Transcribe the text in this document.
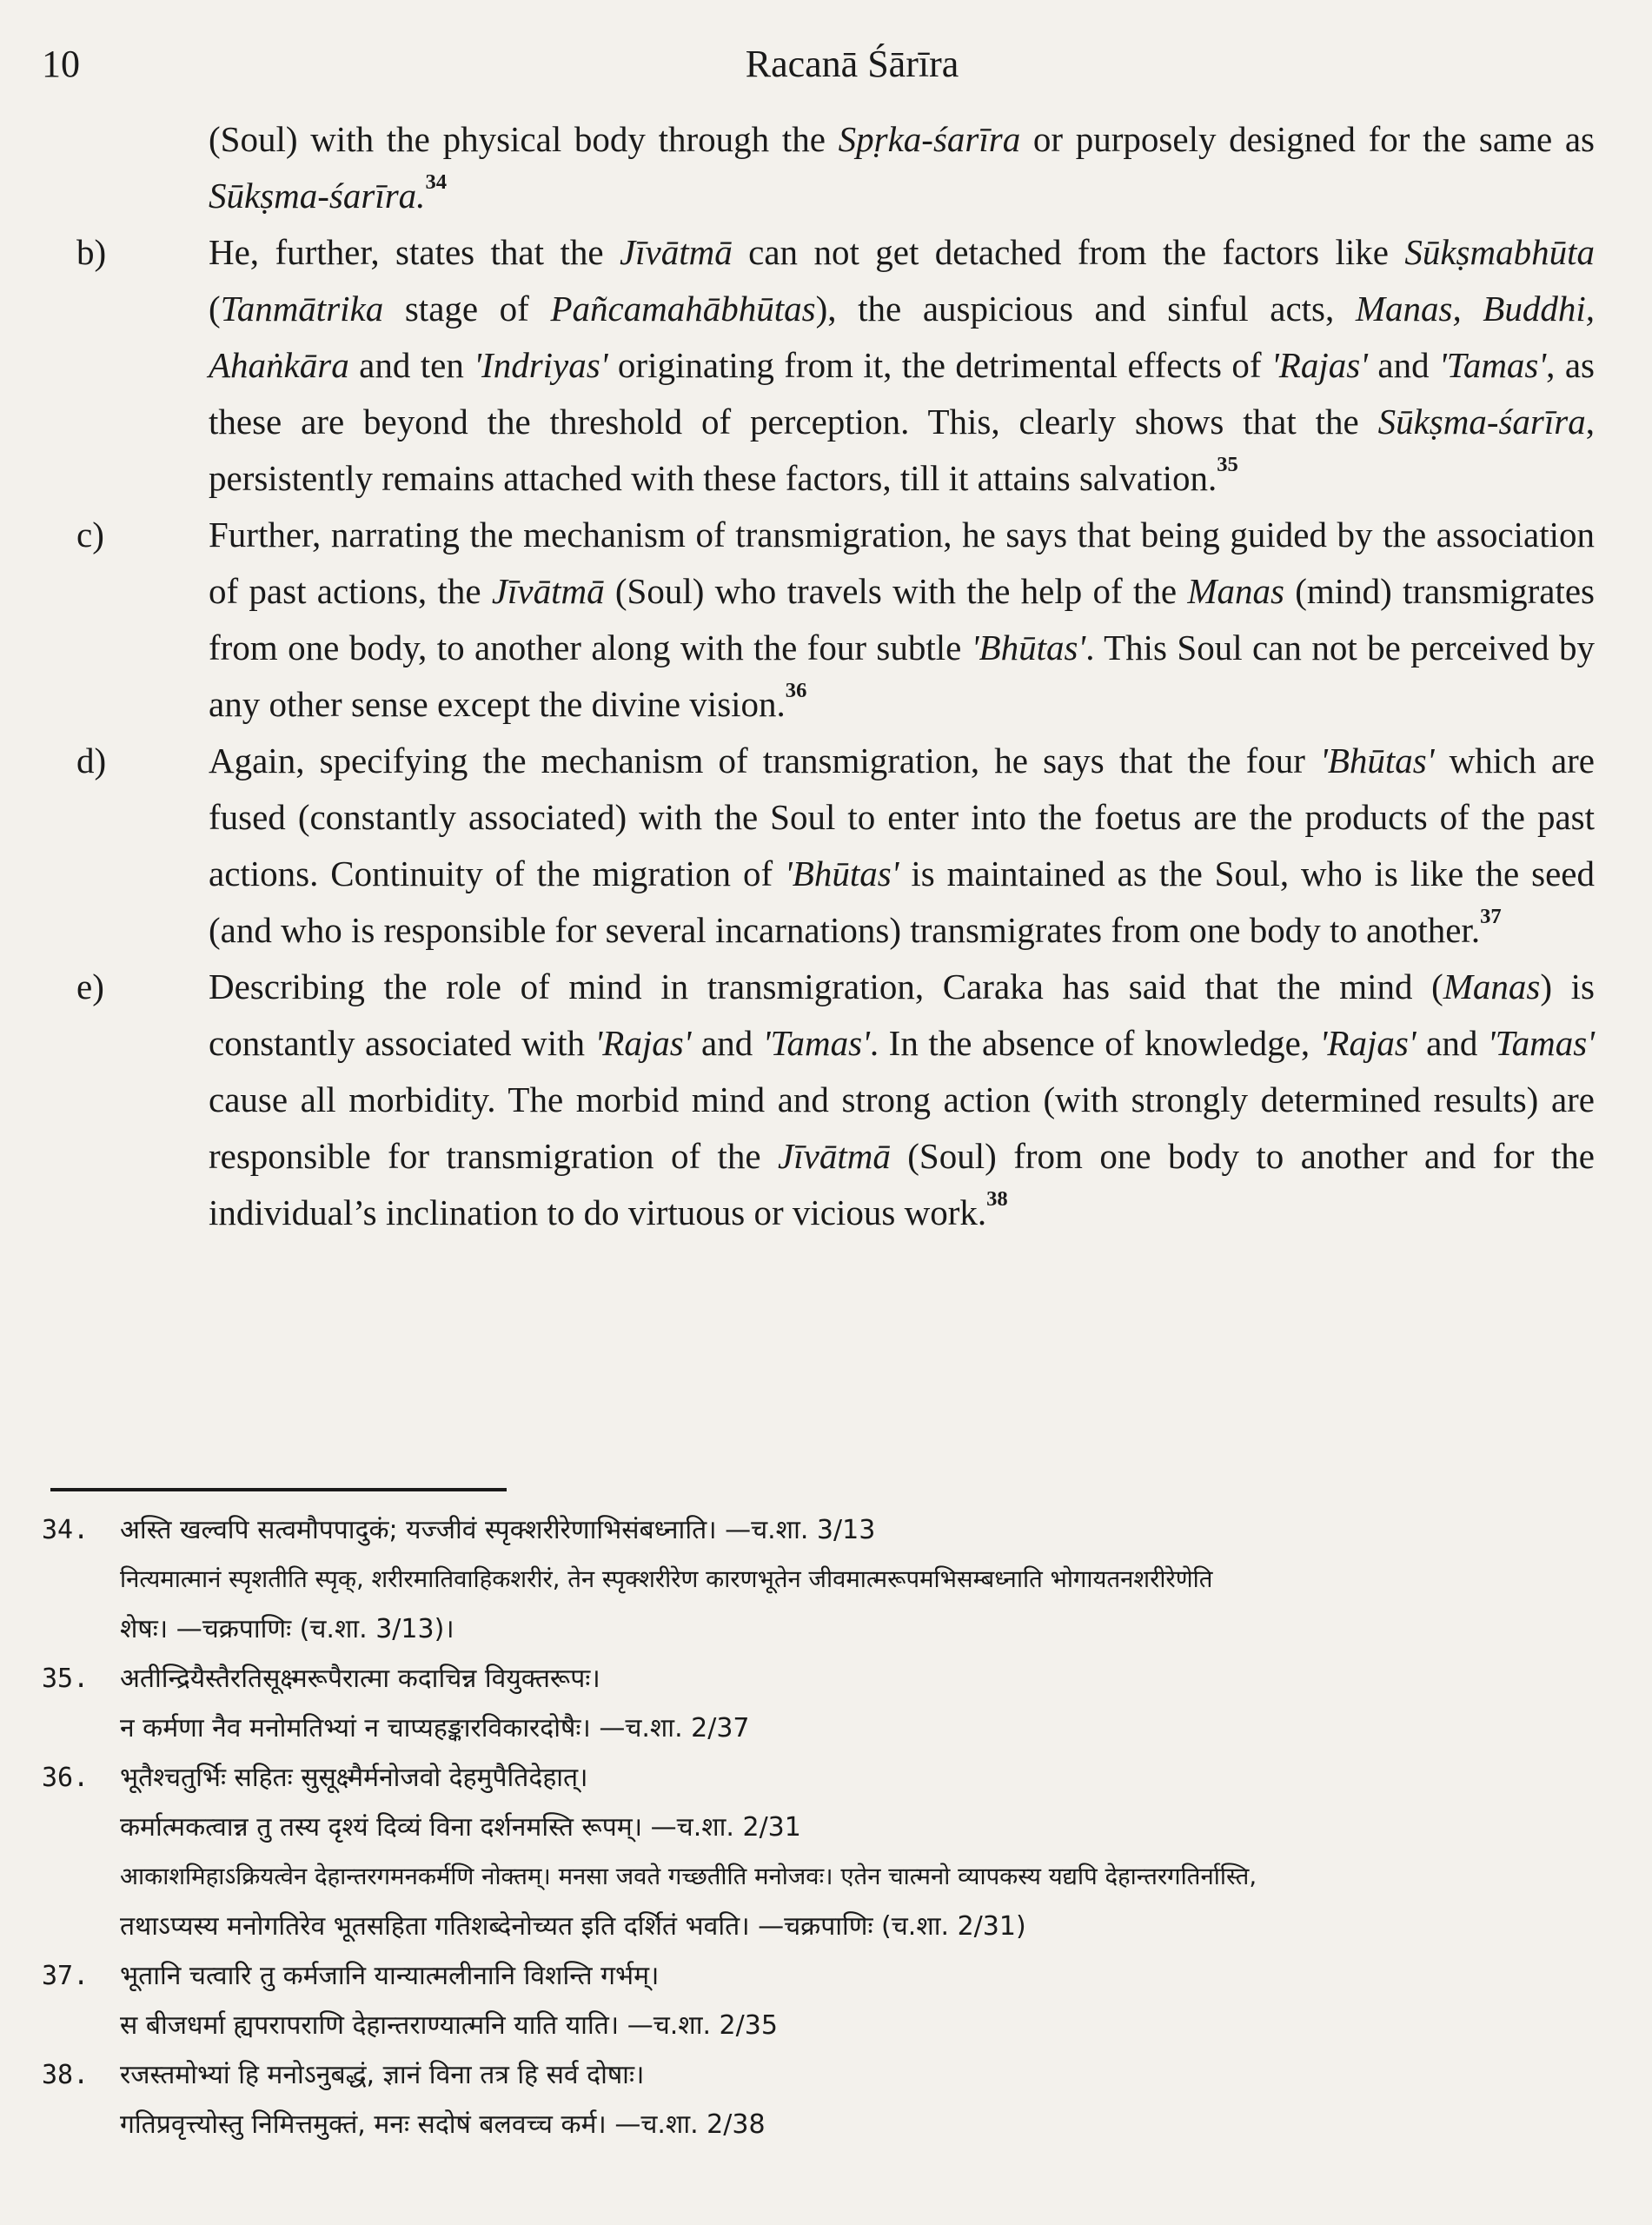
10	Racanā Śārīra

(Soul) with the physical body through the Spṛka-śarīra or purposely designed for the same as Sūkṣma-śarīra.$^{34}$

b)	He, further, states that the Jīvātmā can not get detached from the factors like Sūkṣmabhūta (Tanmātrika stage of Pañcamahābhūtas), the auspicious and sinful acts, Manas, Buddhi, Ahaṅkāra and ten 'Indriyas' originating from it, the detrimental effects of 'Rajas' and 'Tamas', as these are beyond the threshold of perception. This, clearly shows that the Sūkṣma-śarīra, persistently remains attached with these factors, till it attains salvation.$^{35}$

c)	Further, narrating the mechanism of transmigration, he says that being guided by the association of past actions, the Jīvātmā (Soul) who travels with the help of the Manas (mind) transmigrates from one body, to another along with the four subtle 'Bhūtas'. This Soul can not be perceived by any other sense except the divine vision.$^{36}$

d)	Again, specifying the mechanism of transmigration, he says that the four 'Bhūtas' which are fused (constantly associated) with the Soul to enter into the foetus are the products of the past actions. Continuity of the migration of 'Bhūtas' is maintained as the Soul, who is like the seed (and who is responsible for several incarnations) transmigrates from one body to another.$^{37}$

e)	Describing the role of mind in transmigration, Caraka has said that the mind (Manas) is constantly associated with 'Rajas' and 'Tamas'. In the absence of knowledge, 'Rajas' and 'Tamas' cause all morbidity. The morbid mind and strong action (with strongly determined results) are responsible for transmigration of the Jīvātmā (Soul) from one body to another and for the individual’s inclination to do virtuous or vicious work.$^{38}$

34. अस्ति खल्वपि सत्वमौपपादुकं; यज्जीवं स्पृक्शरीरेणाभिसंबध्नाति। —च.शा. 3/13
नित्यमात्मानं स्पृशतीति स्पृक्, शरीरमातिवाहिकशरीरं, तेन स्पृक्शरीरेण कारणभूतेन जीवमात्मरूपमभिसम्बध्नाति भोगायतनशरीरेणेति
शेषः। —चक्रपाणिः (च.शा. 3/13)।
35. अतीन्द्रियैस्तैरतिसूक्ष्मरूपैरात्मा कदाचिन्न वियुक्तरूपः।
न कर्मणा नैव मनोमतिभ्यां न चाप्यहङ्कारविकारदोषैः। —च.शा. 2/37
36. भूतैश्चतुर्भिः सहितः सुसूक्ष्मैर्मनोजवो देहमुपैतिदेहात्।
कर्मात्मकत्वान्न तु तस्य दृश्यं दिव्यं विना दर्शनमस्ति रूपम्। —च.शा. 2/31
आकाशमिहाऽक्रियत्वेन देहान्तरगमनकर्मणि नोक्तम्। मनसा जवते गच्छतीति मनोजवः। एतेन चात्मनो व्यापकस्य यद्यपि देहान्तरगतिर्नास्ति,
तथाऽप्यस्य मनोगतिरेव भूतसहिता गतिशब्देनोच्यत इति दर्शितं भवति। —चक्रपाणिः (च.शा. 2/31)
37. भूतानि चत्वारि तु कर्मजानि यान्यात्मलीनानि विशन्ति गर्भम्।
स बीजधर्मा ह्यपरापराणि देहान्तराण्यात्मनि याति याति। —च.शा. 2/35
38. रजस्तमोभ्यां हि मनोऽनुबद्धं, ज्ञानं विना तत्र हि सर्व दोषाः।
गतिप्रवृत्त्योस्तु निमित्तमुक्तं, मनः सदोषं बलवच्च कर्म। —च.शा. 2/38
